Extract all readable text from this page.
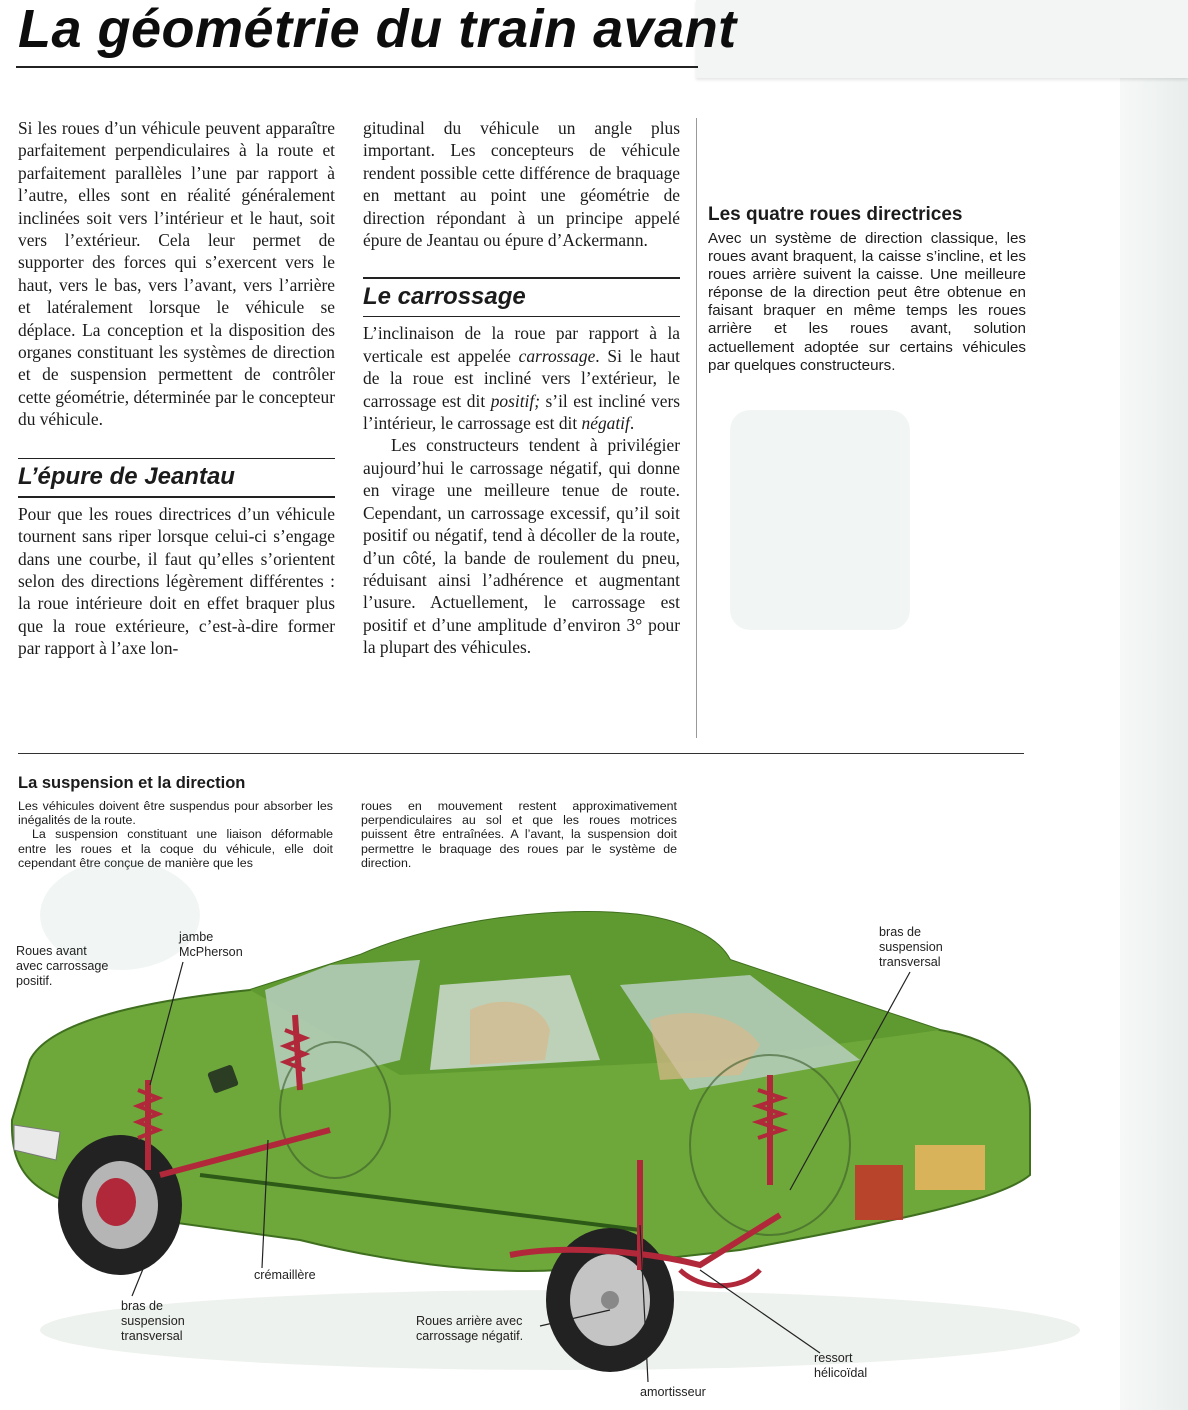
La géométrie du train avant

Si les roues d’un véhicule peuvent apparaître parfaitement perpendiculaires à la route et parfaitement parallèles l’une par rapport à l’autre, elles sont en réalité généralement inclinées soit vers l’intérieur et le haut, soit vers l’extérieur. Cela leur permet de supporter des forces qui s’exercent vers le haut, vers le bas, vers l’avant, vers l’arrière et latéralement lorsque le véhicule se déplace. La conception et la disposition des organes constituant les systèmes de direction et de suspension permettent de contrôler cette géométrie, déterminée par le concepteur du véhicule.

L’épure de Jeantau

Pour que les roues directrices d’un véhicule tournent sans riper lorsque celui-ci s’engage dans une courbe, il faut qu’elles s’orientent selon des directions légèrement différentes : la roue intérieure doit en effet braquer plus que la roue extérieure, c’est-à-dire former par rapport à l’axe lon-

gitudinal du véhicule un angle plus important. Les concepteurs de véhicule rendent possible cette différence de braquage en mettant au point une géométrie de direction répondant à un principe appelé épure de Jeantau ou épure d’Ackermann.

Le carrossage

L’inclinaison de la roue par rapport à la verticale est appelée carrossage. Si le haut de la roue est incliné vers l’extérieur, le carrossage est dit positif; s’il est incliné vers l’intérieur, le carrossage est dit négatif.

Les constructeurs tendent à privilégier aujourd’hui le carrossage négatif, qui donne en virage une meilleure tenue de route. Cependant, un carrossage excessif, qu’il soit positif ou négatif, tend à décoller de la route, d’un côté, la bande de roulement du pneu, réduisant ainsi l’adhérence et augmentant l’usure. Actuellement, le carrossage est positif et d’une amplitude d’environ 3° pour la plupart des véhicules.

Les quatre roues directrices
Avec un système de direction classique, les roues avant braquent, la caisse s’incline, et les roues arrière suivent la caisse. Une meilleure réponse de la direction peut être obtenue en faisant braquer en même temps les roues arrière et les roues avant, solution actuellement adoptée sur certains véhicules par quelques constructeurs.
La suspension et la direction

Les véhicules doivent être suspendus pour absorber les inégalités de la route.

La suspension constituant une liaison déformable entre les roues et la coque du véhicule, elle doit cependant être conçue de manière que les

roues en mouvement restent approximativement perpendiculaires au sol et que les roues motrices puissent être entraînées. A l’avant, la suspension doit permettre le braquage des roues par le système de direction.
Roues avant
avec carrossage
positif.
jambe
McPherson
bras de
suspension
transversal
crémaillère
bras de
suspension
transversal
Roues arrière avec
carrossage négatif.
ressort
hélicoïdal
amortisseur
